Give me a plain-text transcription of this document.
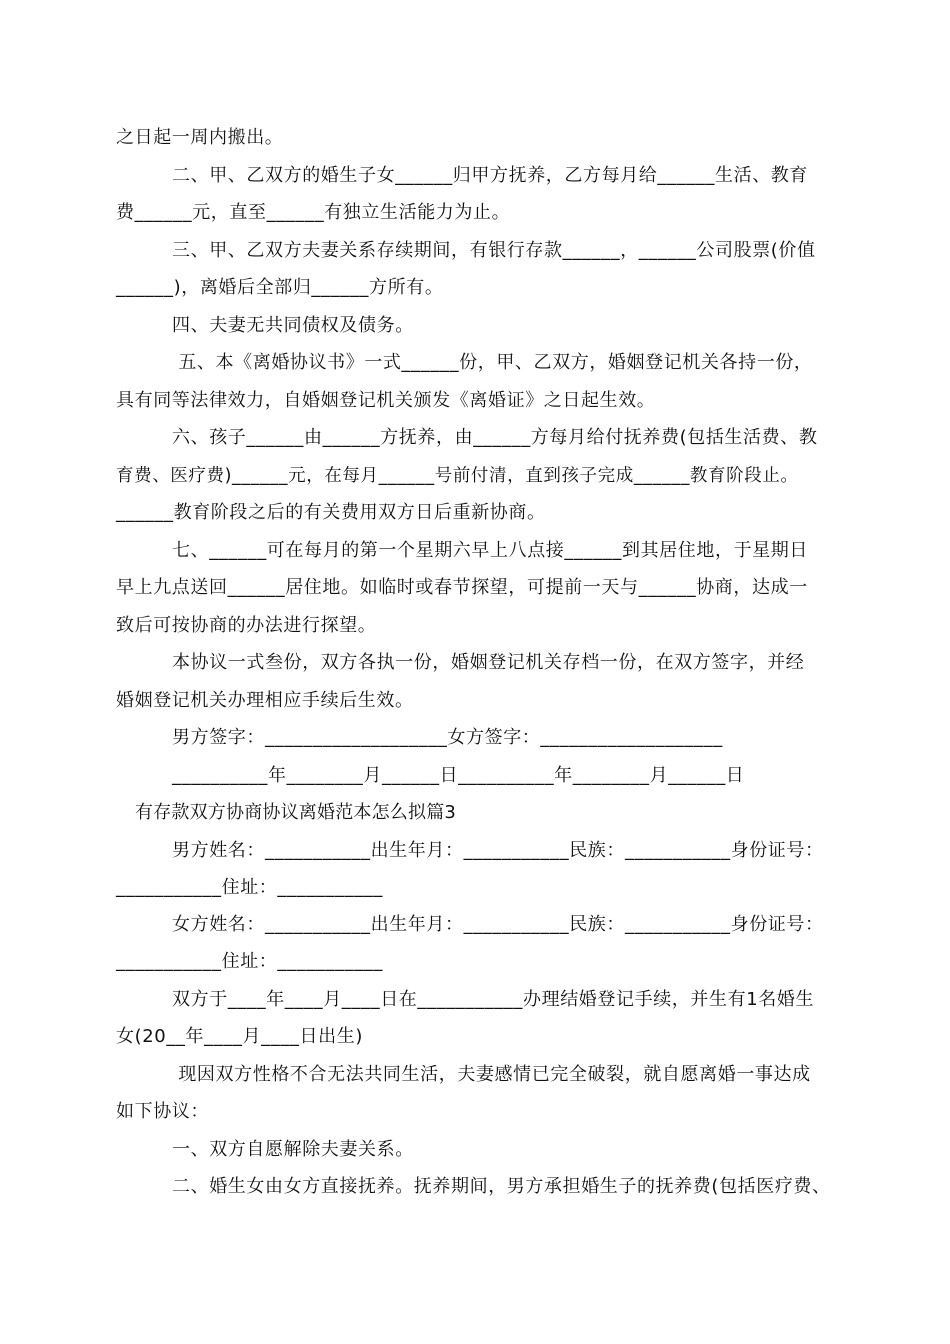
之日起一周内搬出。
二、甲、乙双方的婚生子女______归甲方抚养，乙方每月给______生活、教育
费______元，直至______有独立生活能力为止。
三、甲、乙双方夫妻关系存续期间，有银行存款______，______公司股票(价值
______)，离婚后全部归______方所有。
四、夫妻无共同债权及债务。
五、本《离婚协议书》一式______份，甲、乙双方，婚姻登记机关各持一份，
具有同等法律效力，自婚姻登记机关颁发《离婚证》之日起生效。
六、孩子______由______方抚养，由______方每月给付抚养费(包括生活费、教
育费、医疗费)______元，在每月______号前付清，直到孩子完成______教育阶段止。
______教育阶段之后的有关费用双方日后重新协商。
七、______可在每月的第一个星期六早上八点接______到其居住地，于星期日
早上九点送回______居住地。如临时或春节探望，可提前一天与______协商，达成一
致后可按协商的办法进行探望。
本协议一式叁份，双方各执一份，婚姻登记机关存档一份，在双方签字，并经
婚姻登记机关办理相应手续后生效。
男方签字：___________________女方签字：___________________
__________年________月______日__________年________月______日
有存款双方协商协议离婚范本怎么拟篇3
男方姓名：___________出生年月：___________民族：___________身份证号：
___________住址：___________
女方姓名：___________出生年月：___________民族：___________身份证号：
___________住址：___________
双方于____年____月____日在___________办理结婚登记手续，并生有1名婚生
女(20__年____月____日出生)
现因双方性格不合无法共同生活，夫妻感情已完全破裂，就自愿离婚一事达成
如下协议：
一、双方自愿解除夫妻关系。
二、婚生女由女方直接抚养。抚养期间，男方承担婚生子的抚养费(包括医疗费、
